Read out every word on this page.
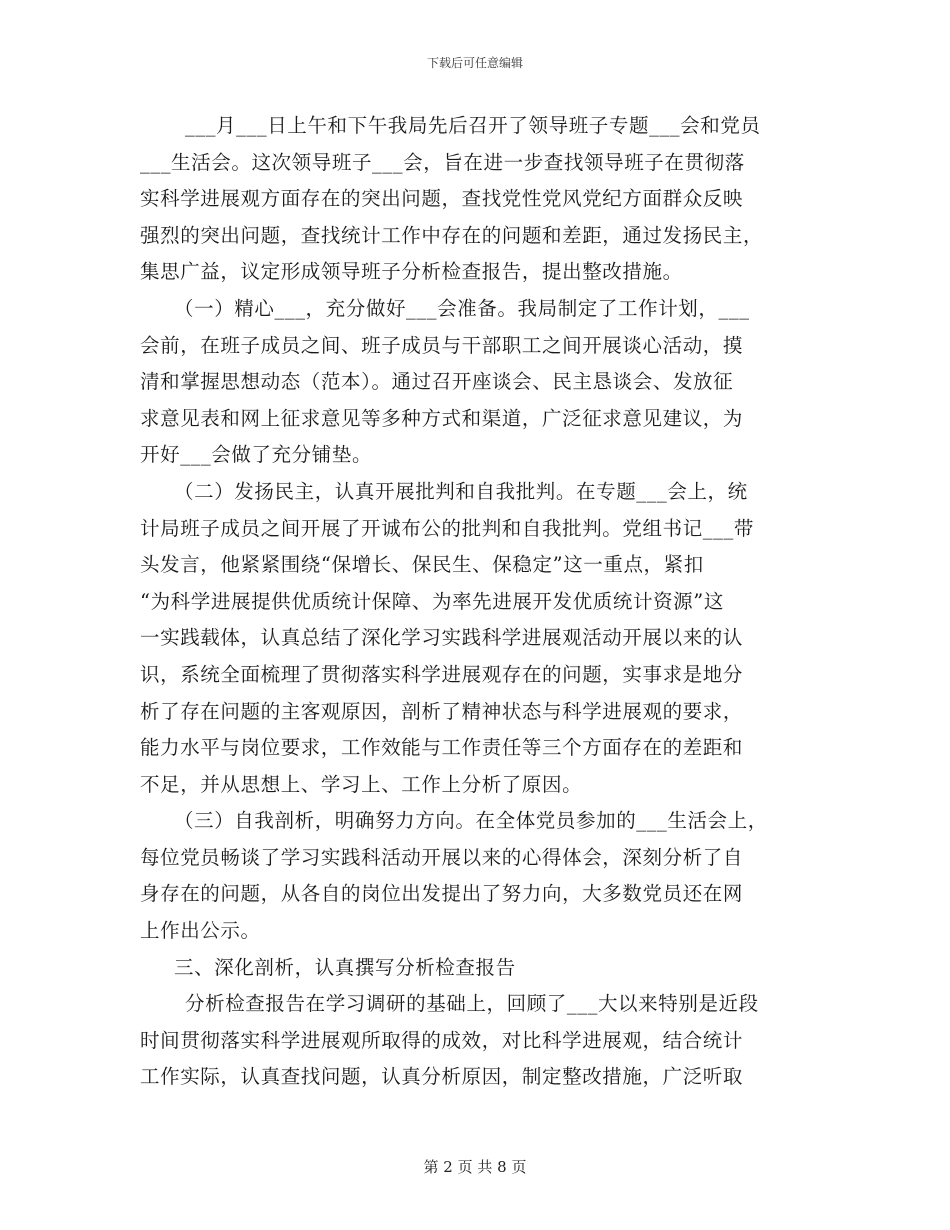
下载后可任意编辑
___月___日上午和下午我局先后召开了领导班子专题___会和党员
___生活会。这次领导班子___会，旨在进一步查找领导班子在贯彻落
实科学进展观方面存在的突出问题，查找党性党风党纪方面群众反映
强烈的突出问题，查找统计工作中存在的问题和差距，通过发扬民主，
集思广益，议定形成领导班子分析检查报告，提出整改措施。
（一）精心___，充分做好___会准备。我局制定了工作计划，___
会前，在班子成员之间、班子成员与干部职工之间开展谈心活动，摸
清和掌握思想动态（范本）。通过召开座谈会、民主恳谈会、发放征
求意见表和网上征求意见等多种方式和渠道，广泛征求意见建议，为
开好___会做了充分铺垫。
（二）发扬民主，认真开展批判和自我批判。在专题___会上，统
计局班子成员之间开展了开诚布公的批判和自我批判。党组书记___带
头发言，他紧紧围绕“保增长、保民生、保稳定”这一重点，紧扣
“为科学进展提供优质统计保障、为率先进展开发优质统计资源”这
一实践载体，认真总结了深化学习实践科学进展观活动开展以来的认
识，系统全面梳理了贯彻落实科学进展观存在的问题，实事求是地分
析了存在问题的主客观原因，剖析了精神状态与科学进展观的要求，
能力水平与岗位要求，工作效能与工作责任等三个方面存在的差距和
不足，并从思想上、学习上、工作上分析了原因。
（三）自我剖析，明确努力方向。在全体党员参加的___生活会上，
每位党员畅谈了学习实践科活动开展以来的心得体会，深刻分析了自
身存在的问题，从各自的岗位出发提出了努力向，大多数党员还在网
上作出公示。
三、深化剖析，认真撰写分析检查报告
分析检查报告在学习调研的基础上，回顾了___大以来特别是近段
时间贯彻落实科学进展观所取得的成效，对比科学进展观，结合统计
工作实际，认真查找问题，认真分析原因，制定整改措施，广泛听取
第 2 页 共 8 页
